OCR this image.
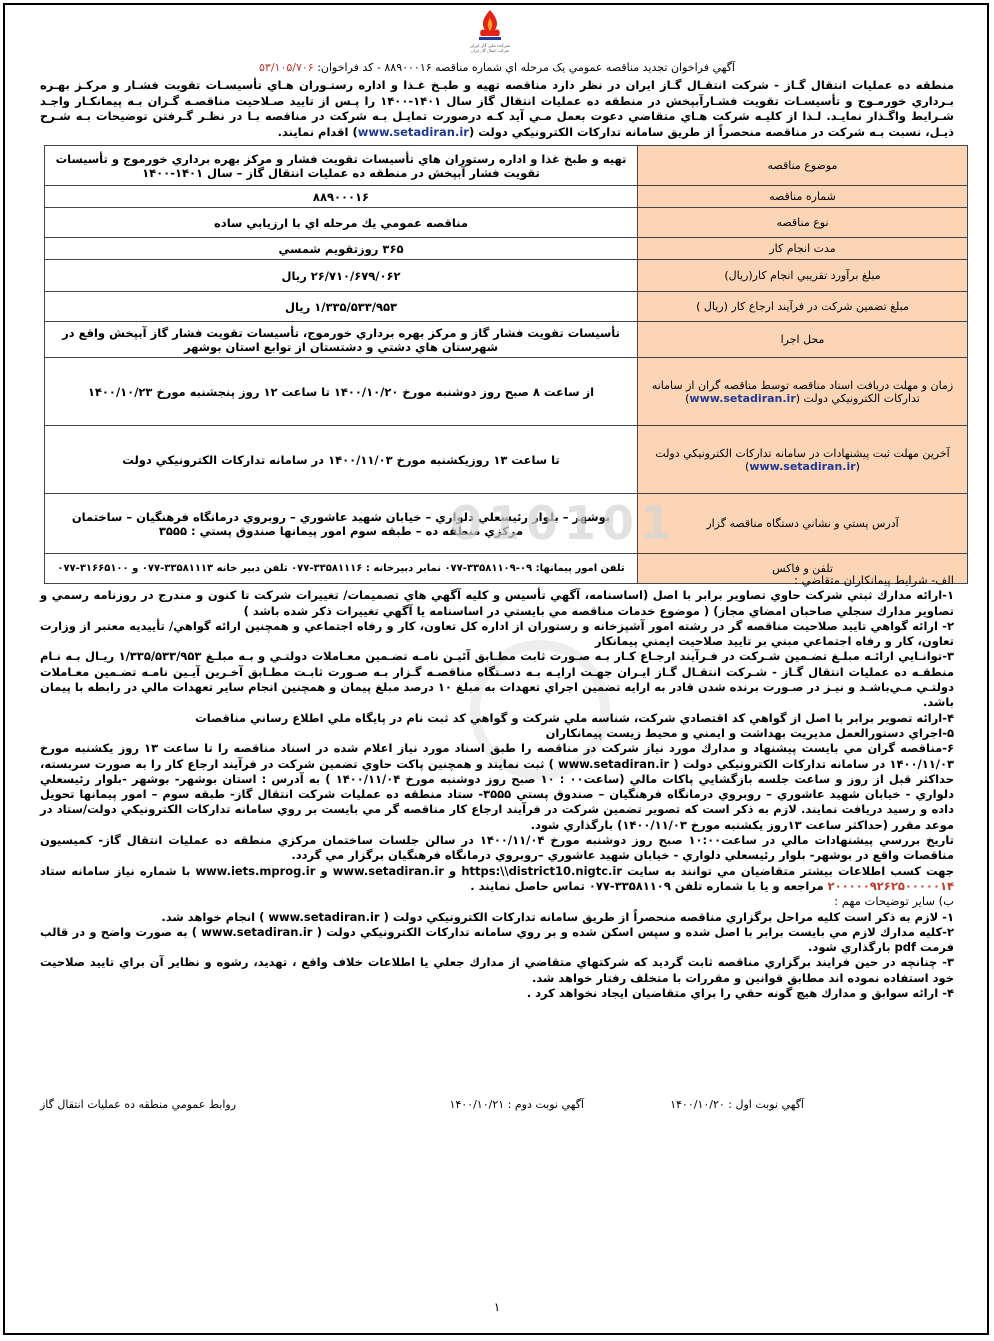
شرکت ملی گاز ایران
شرکت انتقال گاز ایران
آگهي فراخوان تجديد مناقصه عمومي يک مرحله اي شماره مناقصه ۸۸۹۰۰۰۱۶ - کد فراخوان: ۵۳/۱۰۵/۷۰۶
منطقه ده عمليات انتقال گـاز - شرکت انتقـال گـاز ايران در نظر دارد مناقصه تهيه و طبـخ غـذا و اداره رستـوران هـاي تأسيسـات تقويت فشـار و مرکـز بهـره بـرداري خورمـوج و تأسيسـات تقويت فشـارآبپخش در منطقه ده عمليات انتقال گاز سال ۱۴۰۱-۱۴۰۰ را پـس از تاييد صـلاحيت مناقصـه گـران بـه پيمانکـار واجـد شـرايط واگـذار نمايـد. لـذا از کليـه شرکت هـاي متقاضي دعوت بعمل مـي آيد کـه درصورت تمايـل بـه شرکت در مناقصه بـا در نظـر گـرفتن توضيحات بـه شـرح ذيـل، نسبت بـه شرکت در مناقصه منحصراً از طريق سامانه تدارکات الکترونيکي دولت (www.setadiran.ir) اقدام نمايند.
موضوع مناقصه	تهيه و طبخ غذا و اداره رستوران هاي تأسيسات تقويت فشار و مرکز بهره برداري خورموج و تأسيسات تقويت فشار آبپخش در منطقه ده عمليات انتقال گاز – سال ۱۴۰۱-۱۴۰۰
شماره مناقصه	۸۸۹۰۰۰۱۶
نوع مناقصه	مناقصه عمومي يك مرحله اي با ارزيابي ساده
مدت انجام کار	۳۶۵ روزتقويم شمسي
مبلغ برآورد تقريبي انجام کار(ريال)	۲۶/۷۱۰/۶۷۹/۰۶۲ ريال
مبلغ تضمين شرکت در فرآيند ارجاع کار (ريال )	۱/۳۳۵/۵۳۳/۹۵۳ ريال
محل اجرا	تأسيسات تقويت فشار گاز و مرکز بهره برداري خورموج، تأسيسات تقويت فشار گاز آبپخش واقع در شهرستان هاي دشتي و دشتستان از توابع استان بوشهر
زمان و مهلت دريافت اسناد مناقصه توسط مناقصه گران از سامانه تدارکات الکترونيکي دولت (www.setadiran.ir)	از ساعت ۸ صبح روز دوشنبه مورخ ۱۴۰۰/۱۰/۲۰ تا ساعت ۱۲ روز پنجشنبه مورخ ۱۴۰۰/۱۰/۲۳
آخرين مهلت ثبت پيشنهادات در سامانه تدارکات الکترونيکي دولت (www.setadiran.ir)	تا ساعت ۱۳ روزيکشنبه مورخ ۱۴۰۰/۱۱/۰۳ در سامانه تدارکات الکترونيکي دولت
آدرس پستي و نشاني دستگاه مناقصه گزار	بوشهر – بلوار رئيسعلي دلواري – خيابان شهيد عاشوري – روبروي درمانگاه فرهنگيان – ساختمان مرکزي منطقه ده – طبقه سوم امور پيمانها صندوق پستي : ۳۵۵۵
تلفن و فاکس	تلفن امور پيمانها: ۰۹-۳۳۵۸۱۱۰۹-۰۷۷ نمابر دبيرخانه : ۳۳۵۸۱۱۱۶-۰۷۷ تلفن دبير خانه ۳۳۵۸۱۱۱۳-۰۷۷ و ۳۱۶۶۵۱۰۰-۰۷۷
010101

الف- شرايط پيمانکاران متقاضي :

۱-ارائه مدارك ثبتي شركت حاوي تصاوير برابر با اصل (اساسنامه، آگهي تأسيس و کليه آگهي هاي تصميمات/ تغييرات شرکت تا کنون و مندرج در روزنامه رسمي و تصاوير مدارك سجلي صاحبان امضاي مجاز) ( موضوع خدمات مناقصه مي بايستي در اساسنامه يا آگهي تغييرات ذکر شده باشد )

۲- ارائه گواهي تاييد صلاحيت مناقصه گر در رشته امور آشپزخانه و رستوران از اداره کل تعاون، کار و رفاه اجتماعي و همچنين ارائه گواهي/ تأييديه معتبر از وزارت تعاون، کار و رفاه اجتماعي مبني بر تاييد صلاحيت ايمني پيمانکار

۳-توانـايي ارائـه مبلـغ تضـمين شـرکت در فـرآيند ارجـاع کـار بـه صـورت ثابت مطـابق آئيـن نامـه تضـمين معـاملات دولتـي و بـه مبلـغ ۱/۳۳۵/۵۳۳/۹۵۳ ريـال بـه نـام منطقـه ده عمليات انتقال گـاز - شـرکت انتقـال گـاز ايـران جهـت ارايـه بـه دسـتگاه مناقصـه گـزار بـه صـورت ثابـت مطـابق آخـرين آيـين نامـه تضـمين معـاملات دولتـي مـي‌باشـد و نيـز در صـورت برنده شدن قادر به ارايه تضمين اجراي تعهدات به مبلغ ۱۰ درصد مبلغ پيمان و همچنين انجام ساير تعهدات مالي در رابطه با پيمان باشد.

۴-ارائه تصوير برابر با اصل از گواهي کد اقتصادي شرکت، شناسه ملي شرکت و گواهي کد ثبت نام در پايگاه ملي اطلاع رساني مناقصات

۵-اجراي دستورالعمل مديريت بهداشت و ايمني و محيط زيست پيمانکاران

۶-مناقصه گران مي بايست پيشنهاد و مدارك مورد نياز شرکت در مناقصه را طبق اسناد مورد نياز اعلام شده در اسناد مناقصه را تا ساعت ۱۳ روز يکشنبه مورخ ۱۴۰۰/۱۱/۰۳ در سامانه تدارکات الکترونيکي دولت ( www.setadiran.ir ) ثبت نمايند و همچنين پاکت حاوي تضمين شرکت در فرآيند ارجاع کار را به صورت سربسته، حداکثر قبل از روز و ساعت جلسه بازگشايي پاکات مالي (ساعت۰۰ : ۱۰ صبح روز دوشنبه مورخ ۱۴۰۰/۱۱/۰۴ ) به آدرس : استان بوشهر- بوشهر -بلوار رئيسعلي دلواري - خيابان شهيد عاشوري – روبروي درمانگاه فرهنگيان – صندوق پستي ۳۵۵۵- ستاد منطقه ده عمليات شرکت انتقال گاز- طبقه سوم – امور پيمانها تحويل داده و رسيد دريافت نمايند. لازم به ذکر است که تصوير تضمين شرکت در فرآيند ارجاع کار مناقصه گر مي بايست بر روي سامانه تدارکات الکترونيکي دولت/ستاد در موعد مقرر (حداکثر ساعت ۱۳روز يکشنبه مورخ ۱۴۰۰/۱۱/۰۳) بارگذاري شود.

تاريخ بررسي پيشنهادات مالي در ساعت۱۰:۰۰ صبح روز دوشنبه مورخ ۱۴۰۰/۱۱/۰۴ در سالن جلسات ساختمان مرکزي منطقه ده عمليات انتقال گاز- کميسيون مناقصات واقع در بوشهر- بلوار رئيسعلي دلواري - خيابان شهيد عاشوري –روبروي درمانگاه فرهنگيان برگزار مي گردد.

جهت كسب اطلاعات بيشتر متقاضيان مي توانند به سايت https:\\district10.nigtc.ir و www.setadiran.ir و www.iets.mprog.ir با شماره نياز سامانه ستاد ۲۰۰۰۰۰۹۲۶۲۵۰۰۰۰۰۱۴ مراجعه و يا با شماره تلفن ۳۳۵۸۱۱۰۹-۰۷۷ تماس حاصل نمايند .

ب) ساير توضيحات مهم :

۱- لازم به ذکر است کليه مراحل برگزاري مناقصه منحصراً از طريق سامانه تدارکات الکترونيکي دولت ( www.setadiran.ir ) انجام خواهد شد.

۲-کليه مدارك لازم مي بايست برابر با اصل شده و سپس اسکن شده و بر روي سامانه تدارکات الکترونيکي دولت ( www.setadiran.ir ) به صورت واضح و در قالب فرمت pdf بارگذاري شود.

۳- چنانچه در حين فرايند برگزاري مناقصه ثابت گرديد که شرکتهاي متقاضي از مدارك جعلي يا اطلاعات خلاف واقع ، تهديد، رشوه و نظاير آن براي تاييد صلاحيت خود استفاده نموده اند مطابق قوانين و مقررات با متخلف رفتار خواهد شد.

۴- ارائه سوابق و مدارك هيچ گونه حقي را براي متقاضيان ايجاد نخواهد کرد .

آگهي نوبت اول : ۱۴۰۰/۱۰/۲۰
آگهي نوبت دوم : ۱۴۰۰/۱۰/۲۱
روابط عمومي منطقه ده عمليات انتقال گاز
۱
